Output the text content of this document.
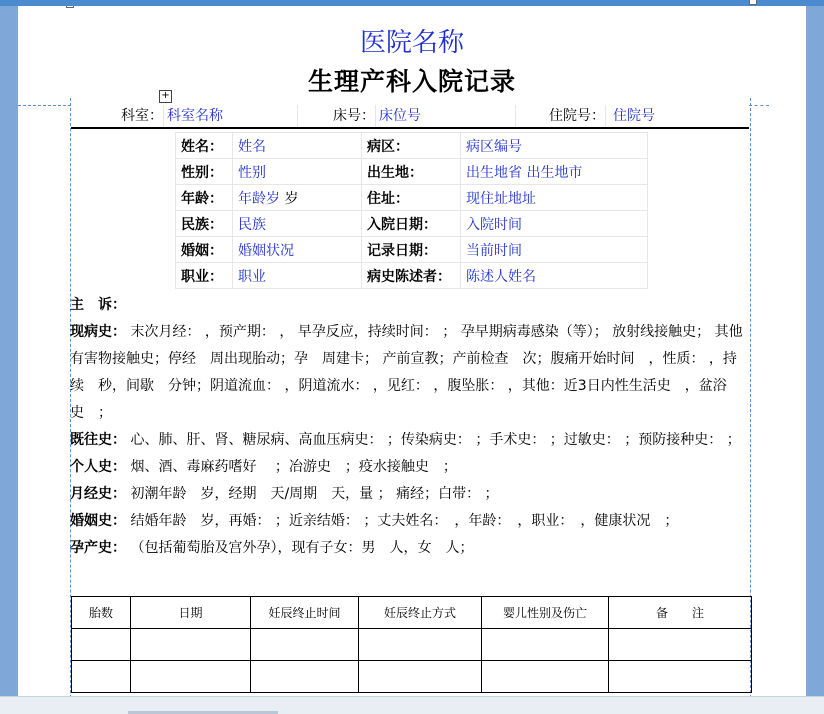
医院名称
生理产科入院记录
+
科室： 科室名称	床号： 床位号	住院号： 住院号
姓名：	姓名	病区：	病区编号
性别：	性别	出生地：	出生地省 出生地市
年龄：	年龄岁 岁	住址：	现住址地址
民族：	民族	入院日期：	入院时间
婚姻：	婚姻状况	记录日期：	当前时间
职业：	职业	病史陈述者：	陈述人姓名

主　诉：

现病史： 末次月经： ，预产期： ， 早孕反应，持续时间： ； 孕早期病毒感染（等）； 放射线接触史； 其他有害物接触史；停经　周出现胎动；孕　周建卡； 产前宣教；产前检查　次；腹痛开始时间　，性质： ，持续　秒，间歇　分钟；阴道流血： ，阴道流水： ，见红： ，腹坠胀： ，其他：近3日内性生活史　，盆浴史　；

既往史： 心、肺、肝、肾、糖尿病、高血压病史： ；传染病史： ；手术史： ；过敏史： ；预防接种史： ；

个人史： 烟、酒、毒麻药嗜好　 ；冶游史　；疫水接触史　；

月经史： 初潮年龄　岁，经期　天/周期　天，量 ； 痛经；白带： ；

婚姻史： 结婚年龄　岁，再婚： ；近亲结婚： ；丈夫姓名：　，年龄：　，职业：　，健康状况　；

孕产史： （包括葡萄胎及宫外孕），现有子女：男　人，女　人；

胎数	日期	妊辰终止时间	妊辰终止方式	婴儿性别及伤亡	备　　注
